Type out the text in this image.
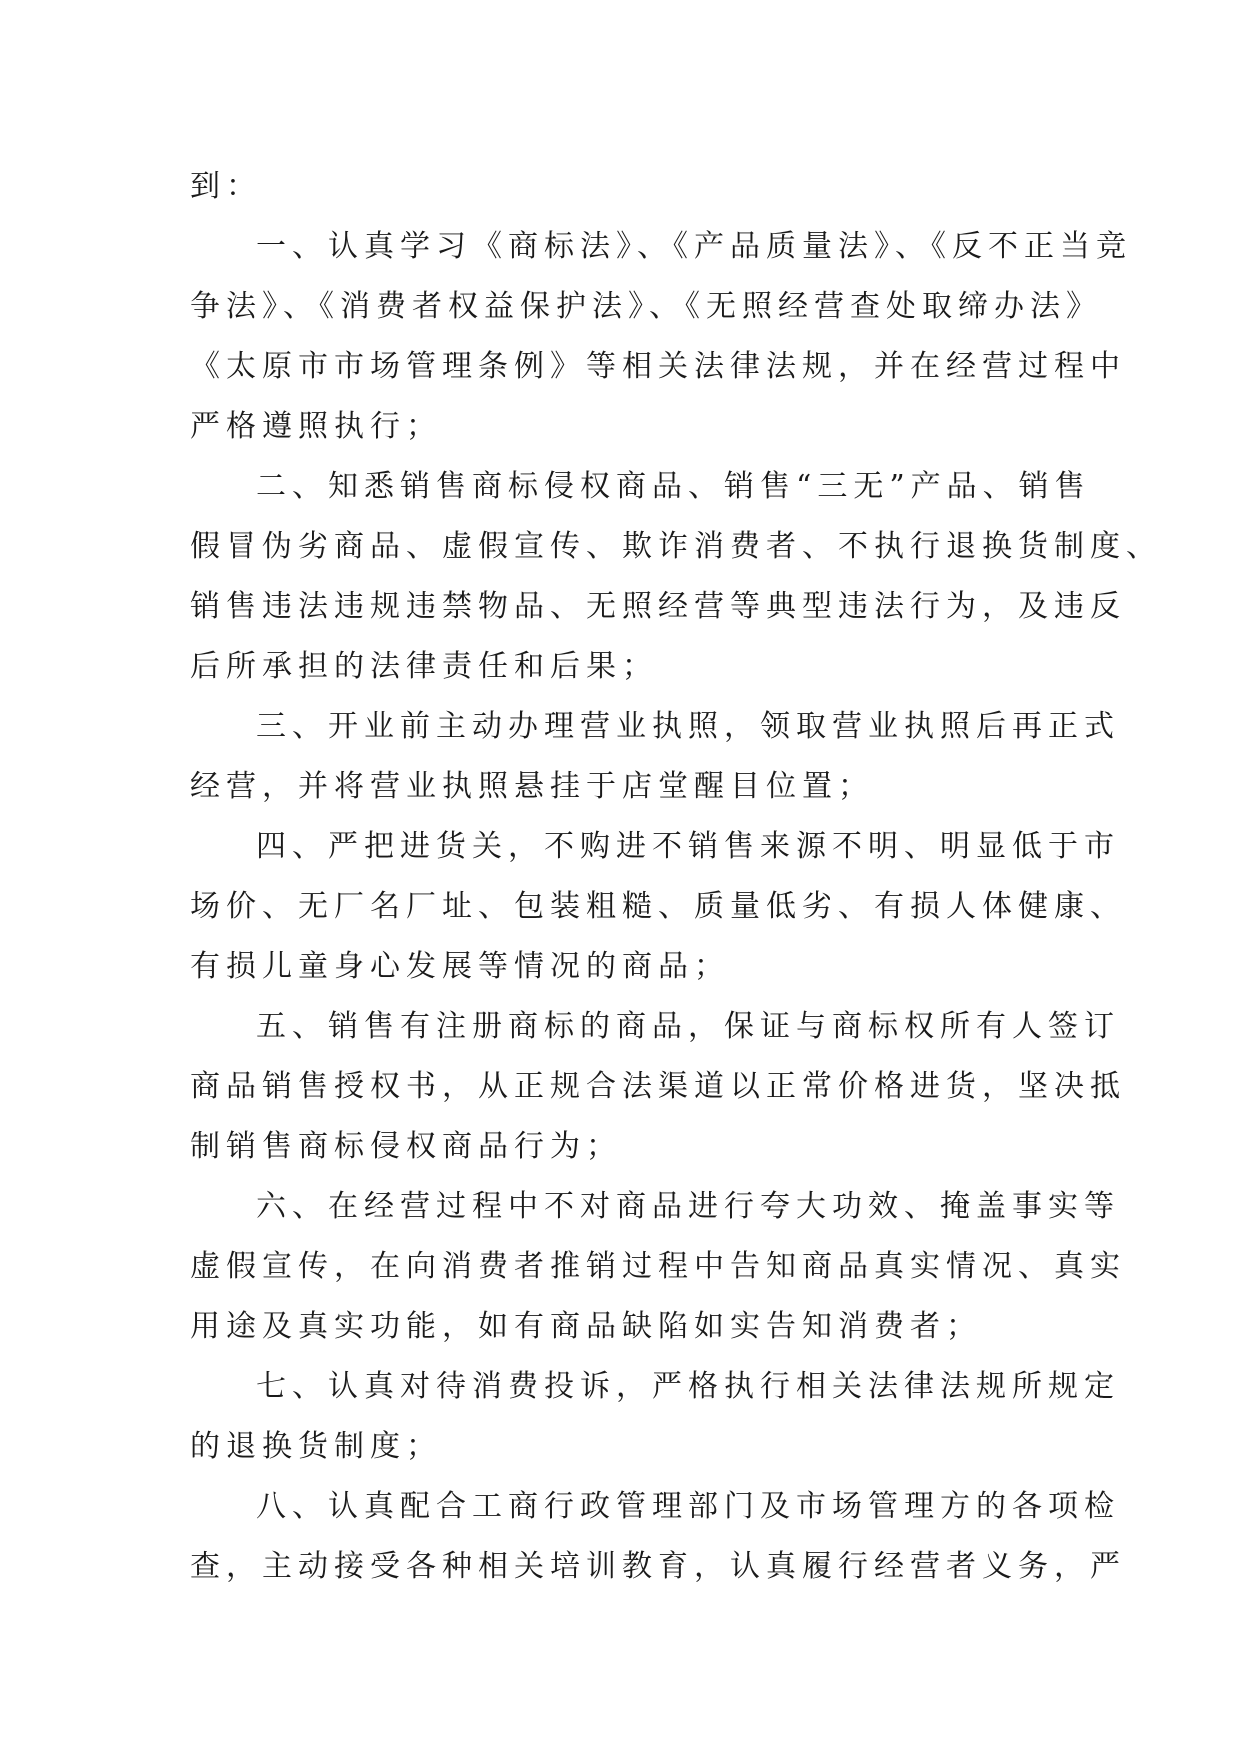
到：
一、认真学习《商标法》、《产品质量法》、《反不正当竞
争法》、《消费者权益保护法》、《无照经营查处取缔办法》
《太原市市场管理条例》等相关法律法规，并在经营过程中
严格遵照执行；
二、知悉销售商标侵权商品、销售“三无”产品、销售
假冒伪劣商品、虚假宣传、欺诈消费者、不执行退换货制度、
销售违法违规违禁物品、无照经营等典型违法行为，及违反
后所承担的法律责任和后果；
三、开业前主动办理营业执照，领取营业执照后再正式
经营，并将营业执照悬挂于店堂醒目位置；
四、严把进货关，不购进不销售来源不明、明显低于市
场价、无厂名厂址、包装粗糙、质量低劣、有损人体健康、
有损儿童身心发展等情况的商品；
五、销售有注册商标的商品，保证与商标权所有人签订
商品销售授权书，从正规合法渠道以正常价格进货，坚决抵
制销售商标侵权商品行为；
六、在经营过程中不对商品进行夸大功效、掩盖事实等
虚假宣传，在向消费者推销过程中告知商品真实情况、真实
用途及真实功能，如有商品缺陷如实告知消费者；
七、认真对待消费投诉，严格执行相关法律法规所规定
的退换货制度；
八、认真配合工商行政管理部门及市场管理方的各项检
查，主动接受各种相关培训教育，认真履行经营者义务，严
